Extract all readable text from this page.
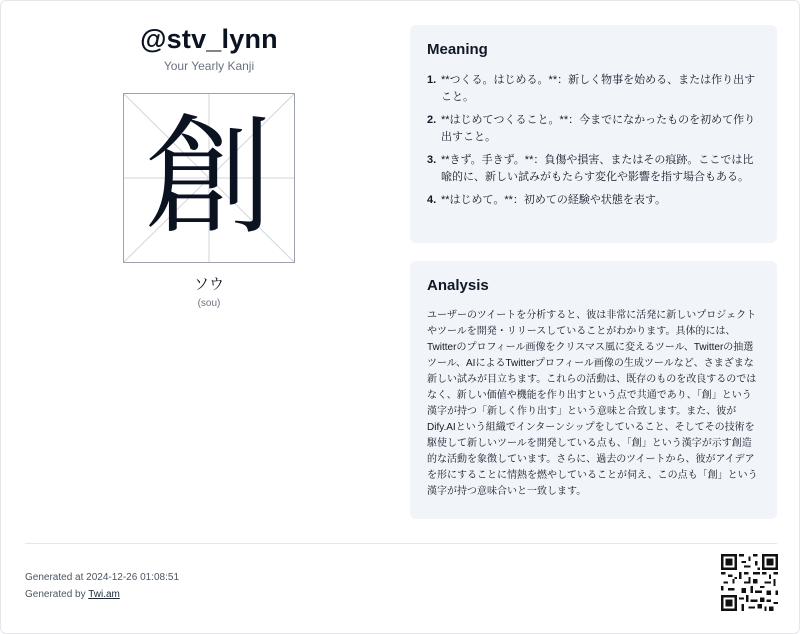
@stv_lynn
Your Yearly Kanji
創
ソウ
(sou)
Meaning
1. **つくる。はじめる。**：新しく物事を始める、または作り出すこと。
2. **はじめてつくること。**：今までになかったものを初めて作り出すこと。
3. **きず。手きず。**：負傷や損害、またはその痕跡。ここでは比喩的に、新しい試みがもたらす変化や影響を指す場合もある。
4. **はじめて。**：初めての経験や状態を表す。
Analysis

ユーザーのツイートを分析すると、彼は非常に活発に新しいプロジェクトやツールを開発・リリースしていることがわかります。具体的には、Twitterのプロフィール画像をクリスマス風に変えるツール、Twitterの抽選ツール、AIによるTwitterプロフィール画像の生成ツールなど、さまざまな新しい試みが目立ちます。これらの活動は、既存のものを改良するのではなく、新しい価値や機能を作り出すという点で共通であり、「創」という漢字が持つ「新しく作り出す」という意味と合致します。また、彼がDify.AIという組織でインターンシップをしていること、そしてその技術を駆使して新しいツールを開発している点も、「創」という漢字が示す創造的な活動を象徴しています。さらに、過去のツイートから、彼がアイデアを形にすることに情熱を燃やしていることが伺え、この点も「創」という漢字が持つ意味合いと一致します。

Generated at 2024-12-26 01:08:51
Generated by Twi.am
